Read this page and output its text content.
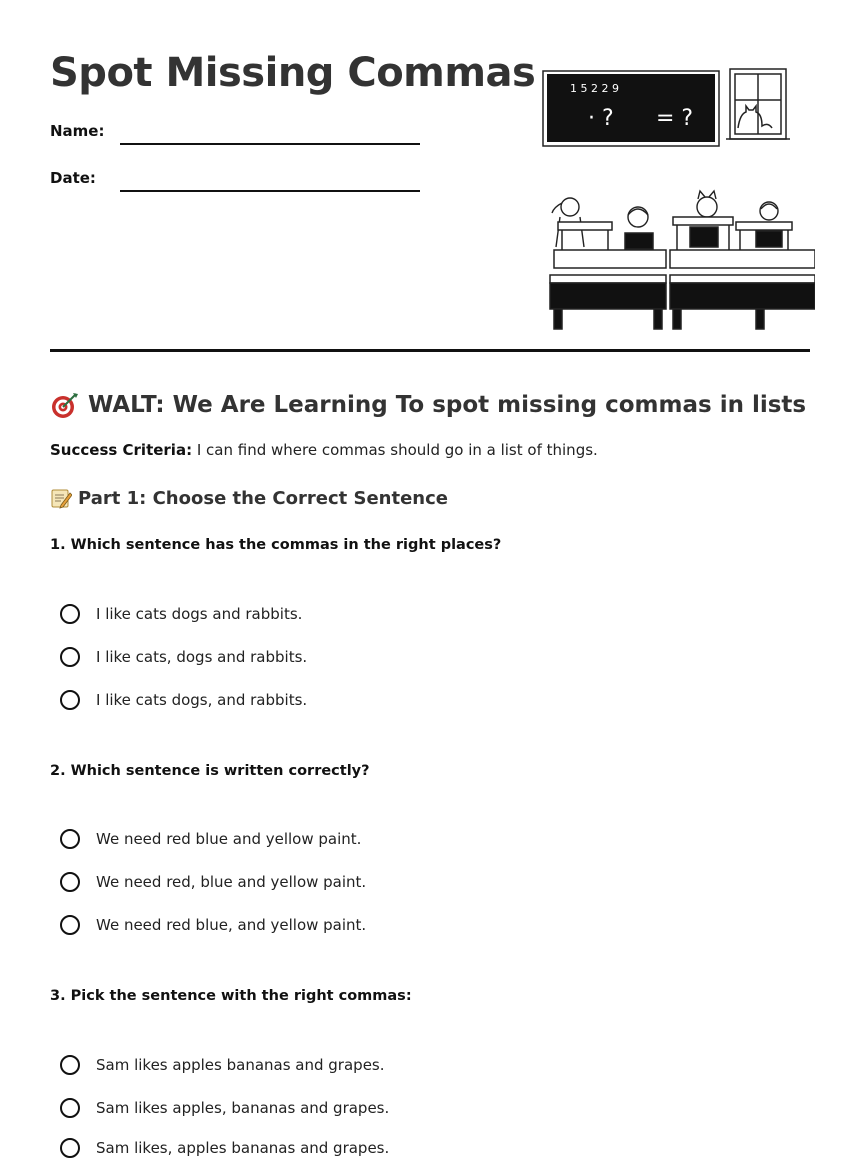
Spot Missing Commas
Name:
Date:
1 5 2 2 9
· ? = ?
WALT: We Are Learning To spot missing commas in lists
Success Criteria: I can find where commas should go in a list of things.
Part 1: Choose the Correct Sentence
1. Which sentence has the commas in the right places?
I like cats dogs and rabbits.
I like cats, dogs and rabbits.
I like cats dogs, and rabbits.
2. Which sentence is written correctly?
We need red blue and yellow paint.
We need red, blue and yellow paint.
We need red blue, and yellow paint.
3. Pick the sentence with the right commas:
Sam likes apples bananas and grapes.
Sam likes apples, bananas and grapes.
Sam likes, apples bananas and grapes.
